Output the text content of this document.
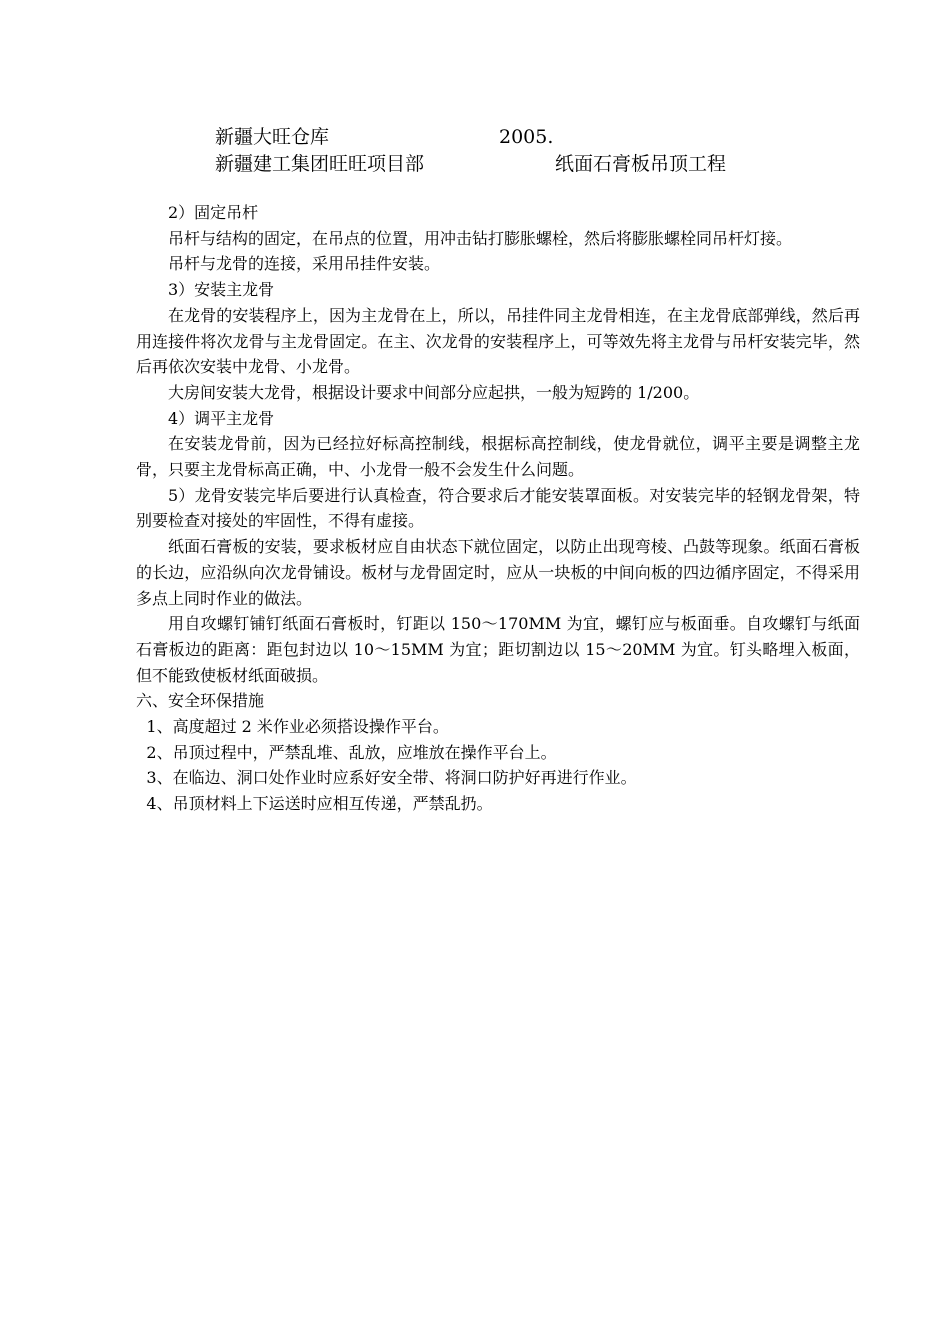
新疆大旺仓库	2005.
新疆建工集团旺旺项目部	纸面石膏板吊顶工程

2）固定吊杆

吊杆与结构的固定，在吊点的位置，用冲击钻打膨胀螺栓，然后将膨胀螺栓同吊杆灯接。

吊杆与龙骨的连接，采用吊挂件安装。

3）安装主龙骨

在龙骨的安装程序上，因为主龙骨在上，所以，吊挂件同主龙骨相连，在主龙骨底部弹线，然后再用连接件将次龙骨与主龙骨固定。在主、次龙骨的安装程序上，可等效先将主龙骨与吊杆安装完毕，然后再依次安装中龙骨、小龙骨。

大房间安装大龙骨，根据设计要求中间部分应起拱，一般为短跨的 1/200。

4）调平主龙骨

在安装龙骨前，因为已经拉好标高控制线，根据标高控制线，使龙骨就位，调平主要是调整主龙骨，只要主龙骨标高正确，中、小龙骨一般不会发生什么问题。

5）龙骨安装完毕后要进行认真检查，符合要求后才能安装罩面板。对安装完毕的轻钢龙骨架，特别要检查对接处的牢固性，不得有虚接。

纸面石膏板的安装，要求板材应自由状态下就位固定，以防止出现弯棱、凸鼓等现象。纸面石膏板的长边，应沿纵向次龙骨铺设。板材与龙骨固定时，应从一块板的中间向板的四边循序固定，不得采用多点上同时作业的做法。

用自攻螺钉铺钉纸面石膏板时，钉距以 150～170MM 为宜，螺钉应与板面垂。自攻螺钉与纸面石膏板边的距离：距包封边以 10～15MM 为宜；距切割边以 15～20MM 为宜。钉头略埋入板面，但不能致使板材纸面破损。

六、安全环保措施

1、高度超过 2 米作业必须搭设操作平台。

2、吊顶过程中，严禁乱堆、乱放，应堆放在操作平台上。

3、在临边、洞口处作业时应系好安全带、将洞口防护好再进行作业。

4、吊顶材料上下运送时应相互传递，严禁乱扔。
